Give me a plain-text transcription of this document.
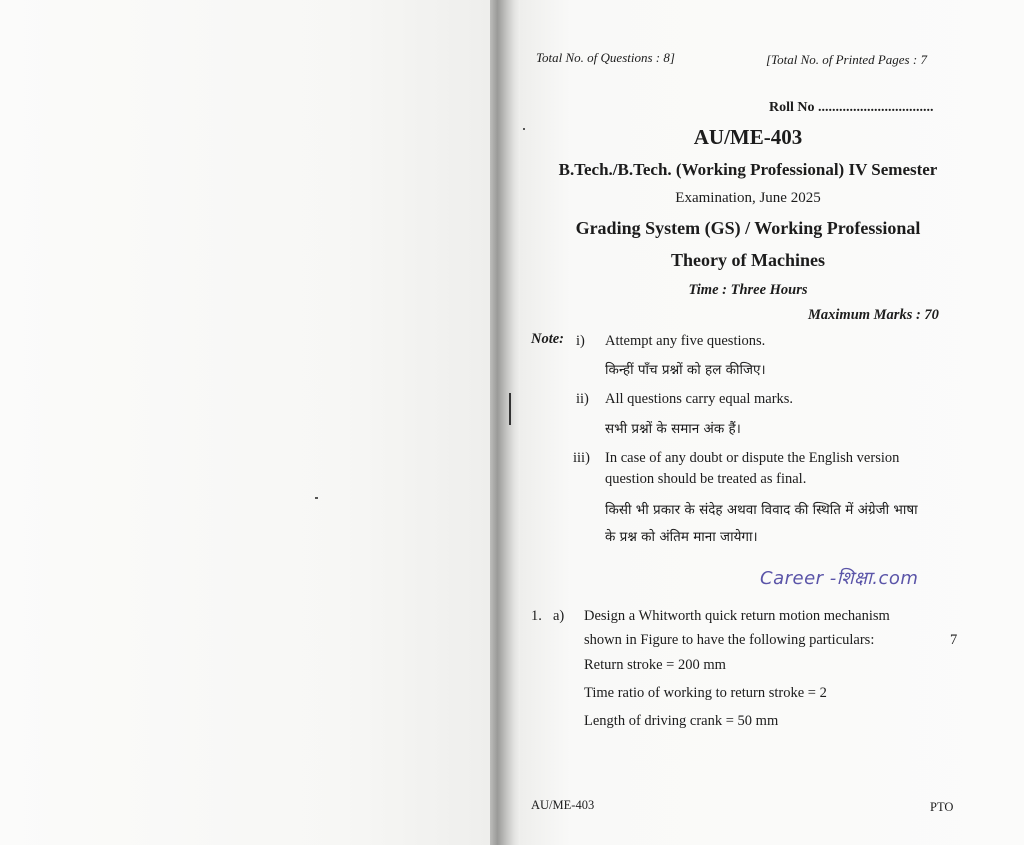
Total No. of Questions : 8]	[Total No. of Printed Pages : 7
Roll No .................................
AU/ME-403
B.Tech./B.Tech. (Working Professional) IV Semester
Examination, June 2025
Grading System (GS) / Working Professional
Theory of Machines
Time : Three Hours
Maximum Marks : 70
Note: i) Attempt any five questions.
किन्हीं पाँच प्रश्नों को हल कीजिए।
ii) All questions carry equal marks.
सभी प्रश्नों के समान अंक हैं।
iii) In case of any doubt or dispute the English version
question should be treated as final.
किसी भी प्रकार के संदेह अथवा विवाद की स्थिति में अंग्रेजी भाषा
के प्रश्न को अंतिम माना जायेगा।
Career -शिक्षा.com
1. a) Design a Whitworth quick return motion mechanism
shown in Figure to have the following particulars:	7
Return stroke = 200 mm
Time ratio of working to return stroke = 2
Length of driving crank = 50 mm
AU/ME-403	PTO
